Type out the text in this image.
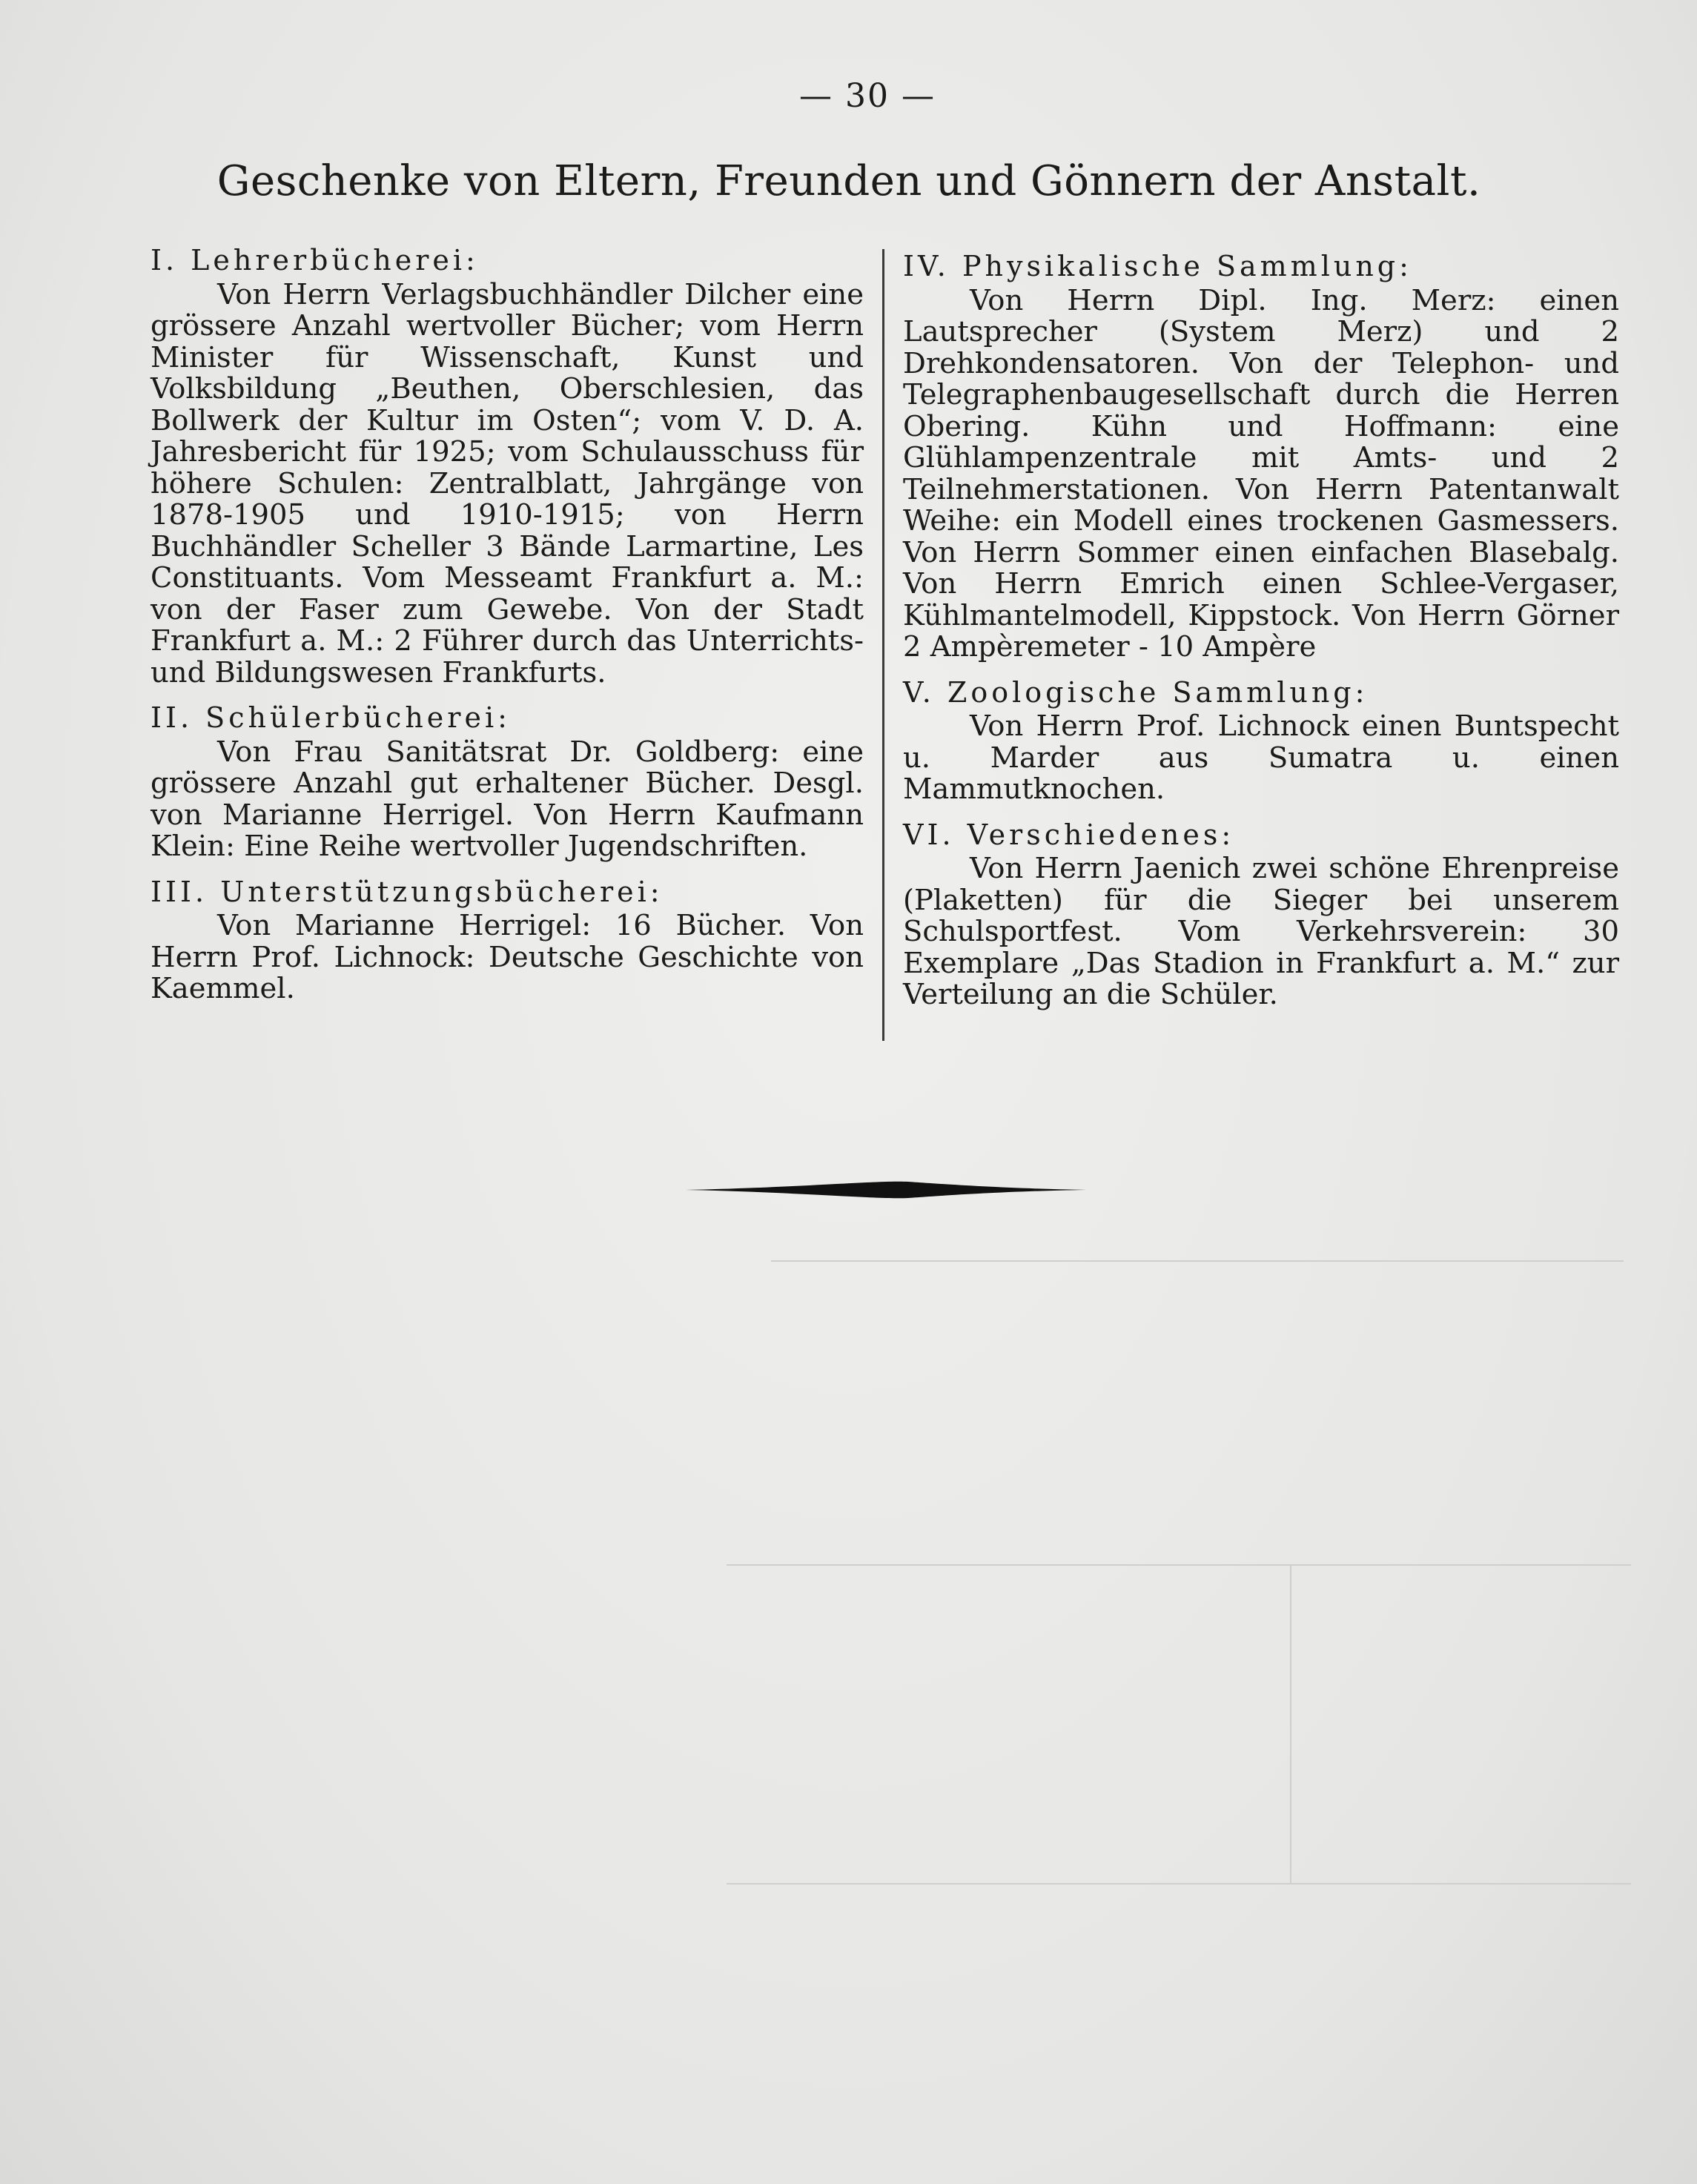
— 30 —
Geschenke von Eltern, Freunden und Gönnern der Anstalt.
I. Lehrerbücherei:
Von Herrn Verlagsbuchhändler Dilcher eine grössere Anzahl wertvoller Bücher; vom Herrn Minister für Wissenschaft, Kunst und Volksbildung „Beuthen, Oberschlesien, das Bollwerk der Kultur im Osten“; vom V. D. A. Jahresbericht für 1925; vom Schulausschuss für höhere Schulen: Zentralblatt, Jahrgänge von 1878-1905 und 1910-1915; von Herrn Buchhändler Scheller 3 Bände Larmartine, Les Constituants. Vom Messeamt Frankfurt a. M.: von der Faser zum Gewebe. Von der Stadt Frankfurt a. M.: 2 Führer durch das Unterrichts- und Bildungswesen Frankfurts.
II. Schülerbücherei:
Von Frau Sanitätsrat Dr. Goldberg: eine grössere Anzahl gut erhaltener Bücher. Desgl. von Marianne Herrigel. Von Herrn Kaufmann Klein: Eine Reihe wertvoller Jugendschriften.
III. Unterstützungsbücherei:
Von Marianne Herrigel: 16 Bücher. Von Herrn Prof. Lichnock: Deutsche Geschichte von Kaemmel.
IV. Physikalische Sammlung:
Von Herrn Dipl. Ing. Merz: einen Lautsprecher (System Merz) und 2 Drehkondensatoren. Von der Telephon- und Telegraphenbaugesellschaft durch die Herren Obering. Kühn und Hoffmann: eine Glühlampenzentrale mit Amts- und 2 Teilnehmerstationen. Von Herrn Patentanwalt Weihe: ein Modell eines trockenen Gasmessers. Von Herrn Sommer einen einfachen Blasebalg. Von Herrn Emrich einen Schlee-Vergaser, Kühlmantelmodell, Kippstock. Von Herrn Görner 2 Ampèremeter - 10 Ampère
V. Zoologische Sammlung:
Von Herrn Prof. Lichnock einen Buntspecht u. Marder aus Sumatra u. einen Mammutknochen.
VI. Verschiedenes:
Von Herrn Jaenich zwei schöne Ehrenpreise (Plaketten) für die Sieger bei unserem Schulsportfest. Vom Verkehrsverein: 30 Exemplare „Das Stadion in Frankfurt a. M.“ zur Verteilung an die Schüler.
